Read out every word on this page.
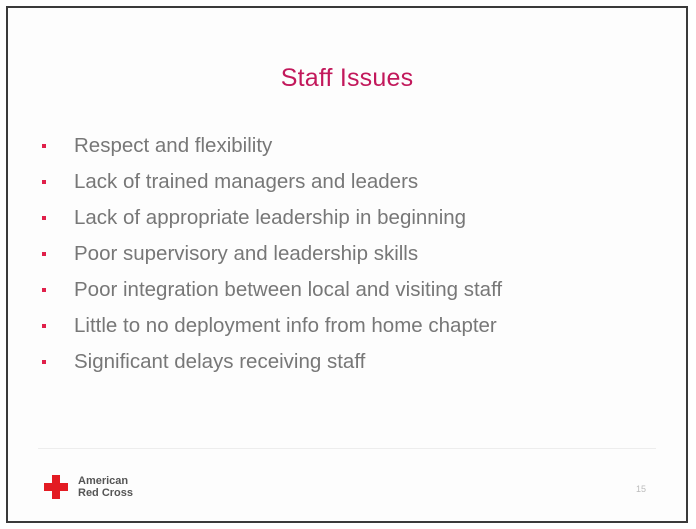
Staff Issues
Respect and flexibility
Lack of trained managers and leaders
Lack of appropriate leadership in beginning
Poor supervisory and leadership skills
Poor integration between local and visiting staff
Little to no deployment info from home chapter
Significant delays receiving staff
American
Red Cross	15
